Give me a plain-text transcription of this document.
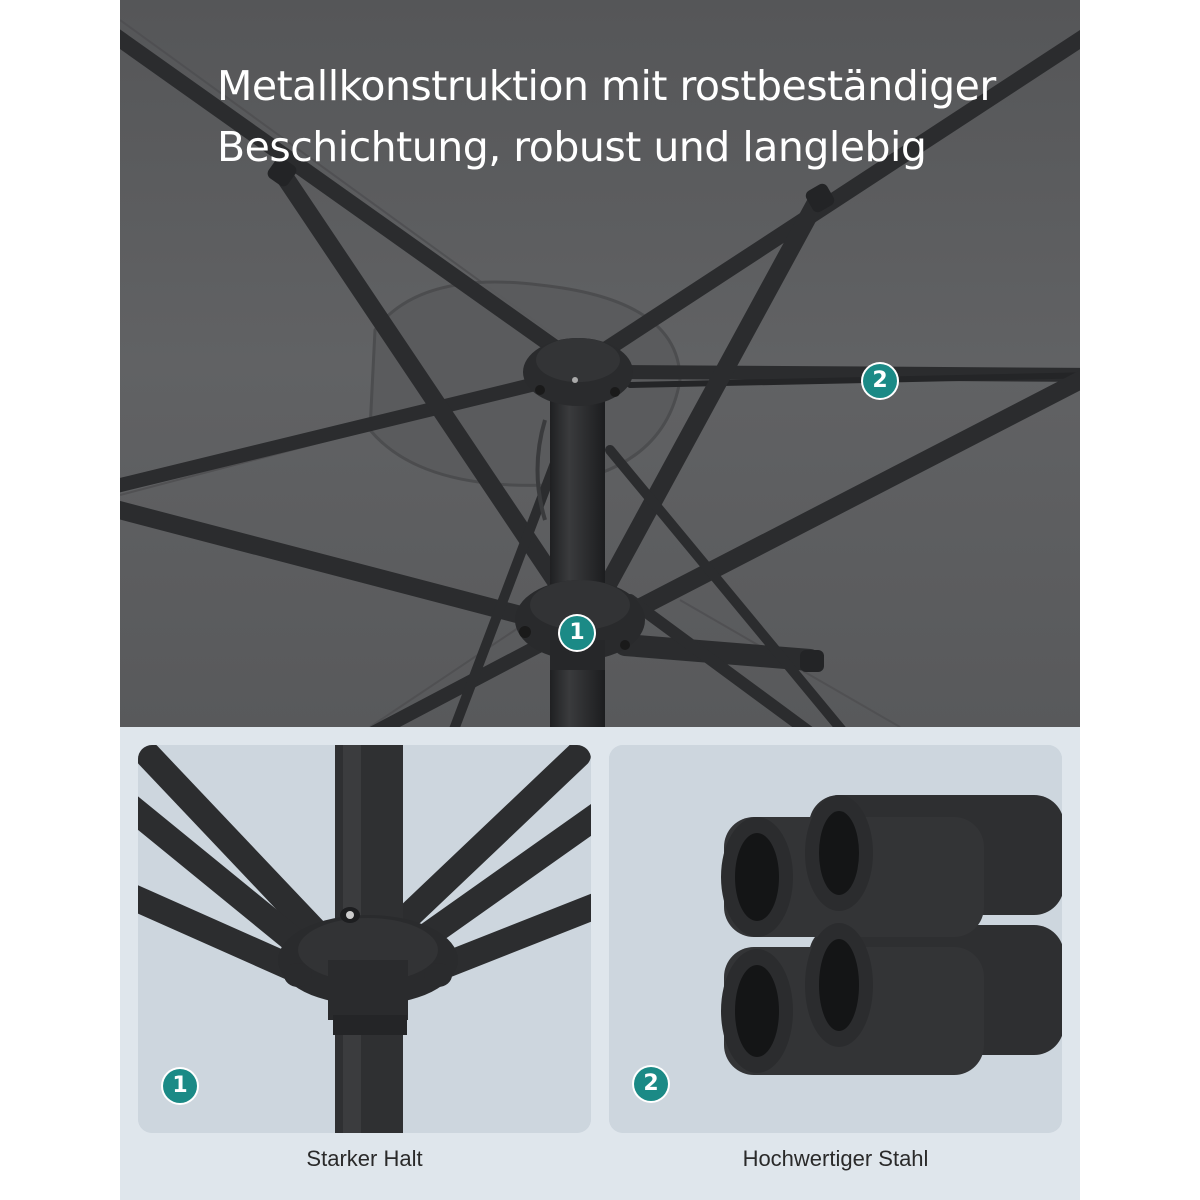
Metallkonstruktion mit rostbeständiger
Beschichtung, robust und langlebig
1
2
1	2
Starker Halt	Hochwertiger Stahl
